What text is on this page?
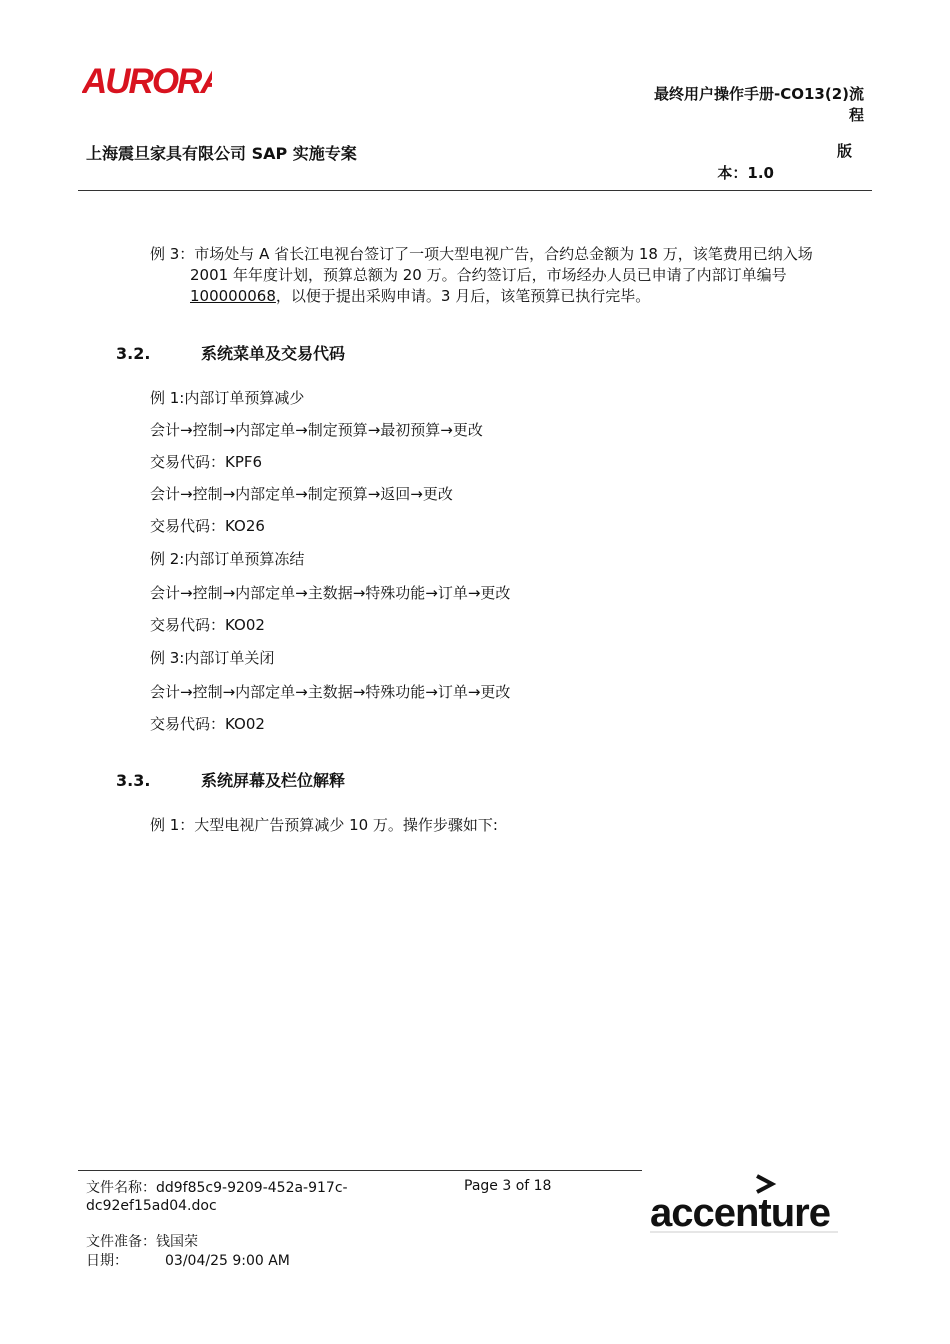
AURORA	最终用户操作手册-CO13(2)流
程
版
本：1.0
上海震旦家具有限公司 SAP 实施专案
例 3：市场处与 A 省长江电视台签订了一项大型电视广告，合约总金额为 18 万，该笔费用已纳入场
2001 年年度计划，预算总额为 20 万。合约签订后，市场经办人员已申请了内部订单编号
100000068，以便于提出采购申请。3 月后，该笔预算已执行完毕。
3.2.	系统菜单及交易代码
例 1:内部订单预算减少
会计→控制→内部定单→制定预算→最初预算→更改
交易代码：KPF6
会计→控制→内部定单→制定预算→返回→更改
交易代码：KO26
例 2:内部订单预算冻结
会计→控制→内部定单→主数据→特殊功能→订单→更改
交易代码：KO02
例 3:内部订单关闭
会计→控制→内部定单→主数据→特殊功能→订单→更改
交易代码：KO02
3.3.	系统屏幕及栏位解释
例 1：大型电视广告预算减少 10 万。操作步骤如下:
文件名称：dd9f85c9-9209-452a-917c-
dc92ef15ad04.doc
Page 3 of 18
文件准备：钱国荣
日期：	03/04/25 9:00 AM
accenture
